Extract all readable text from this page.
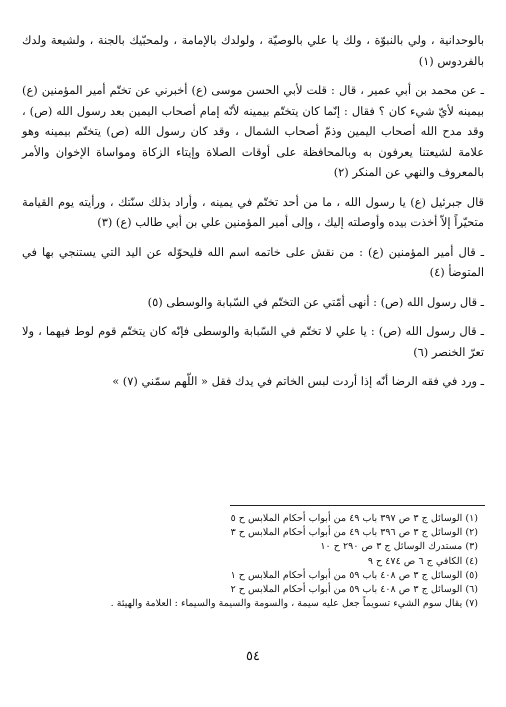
بالوحدانية ، ولي بالنبوّة ، ولك يا علي بالوصيّة ، ولولدك بالإمامة ، ولمحبّيك بالجنة ، ولشيعة ولدك بالفردوس (١)

ـ عن محمد بن أبي عمير ، قال : قلت لأبي الحسن موسى (ع) أخبرني عن تختّم أمير المؤمنين (ع) بيمينه لأيّ شيء كان ؟ فقال : إنّما كان يتختّم بيمينه لأنّه إمام أصحاب اليمين بعد رسول الله (ص) ، وقد مدح الله أصحاب اليمين وذمّ أصحاب الشمال ، وقد كان رسول الله (ص) يتختّم بيمينه وهو علامة لشيعتنا يعرفون به وبالمحافظة على أوقات الصلاة وإيتاء الزكاة ومواساة الإخوان والأمر بالمعروف والنهي عن المنكر (٢)

قال جبرئيل (ع) يا رسول الله ، ما من أحد تختّم في يمينه ، وأراد بذلك سنّتك ، ورأيته يوم القيامة متحيّراً إلاّ أخذت بيده وأوصلته إليك ، وإلى أمير المؤمنين علي بن أبي طالب (ع) (٣)

ـ قال أمير المؤمنين (ع) : من نقش على خاتمه اسم الله فليحوّله عن اليد التي يستنجي بها في المتوضأ (٤)

ـ قال رسول الله (ص) : أنهى أمّتي عن التختّم في السّبابة والوسطى (٥)

ـ قال رسول الله (ص) : يا علي لا تختّم في السّبابة والوسطى فإنّه كان يتختّم قوم لوط فيهما ، ولا تعرّ الخنصر (٦)

ـ ورد في فقه الرضا أنّه إذا أردت لبس الخاتم في يدك فقل « اللّهم سمّني (٧) »

(١) الوسائل ج ٣ ص ٣٩٧ باب ٤٩ من أبواب أحكام الملابس ح ٥
(٢) الوسائل ج ٣ ص ٣٩٦ باب ٤٩ من أبواب أحكام الملابس ح ٣
(٣) مستدرك الوسائل ج ٣ ص ٢٩٠ ح ١٠
(٤) الكافي ج ٦ ص ٤٧٤ ح ٩
(٥) الوسائل ج ٣ ص ٤٠٨ باب ٥٩ من أبواب أحكام الملابس ح ١
(٦) الوسائل ج ٣ ص ٤٠٨ باب ٥٩ من أبواب أحكام الملابس ح ٢
(٧) يقال سوم الشيء تسويماً جعل عليه سيمة ، والسومة والسيمة والسيماء : العلامة والهيئة .
٥٤
